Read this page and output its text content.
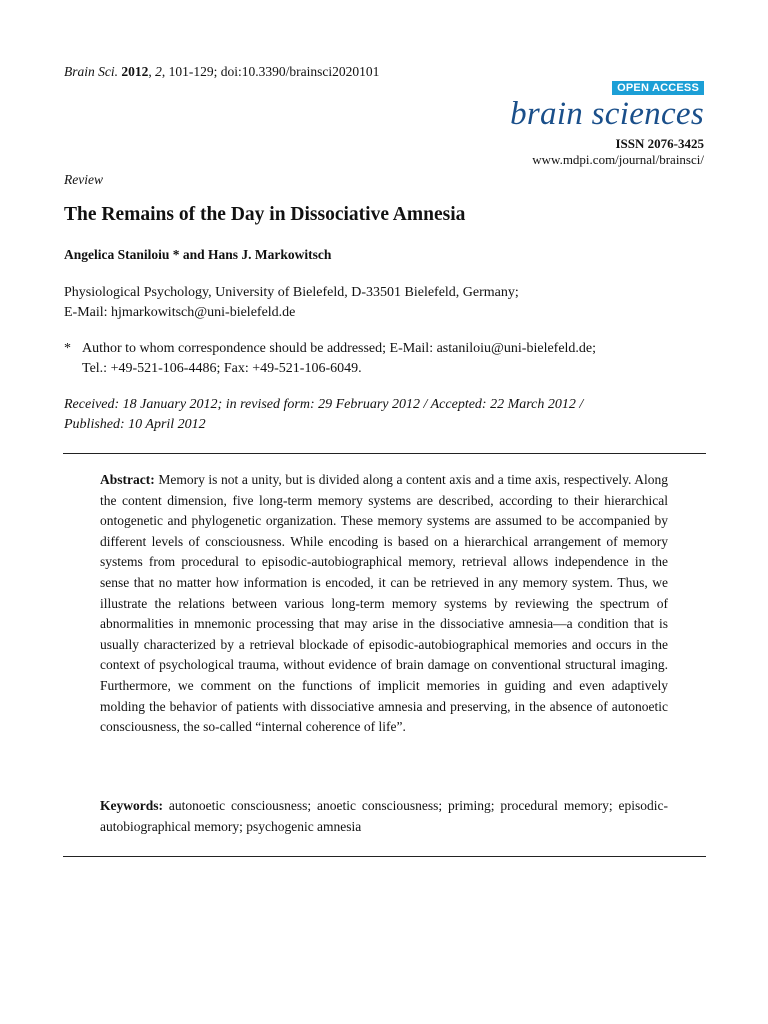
Brain Sci. 2012, 2, 101-129; doi:10.3390/brainsci2020101
OPEN ACCESS
brain sciences
ISSN 2076-3425
www.mdpi.com/journal/brainsci/
Review
The Remains of the Day in Dissociative Amnesia
Angelica Staniloiu * and Hans J. Markowitsch
Physiological Psychology, University of Bielefeld, D-33501 Bielefeld, Germany;
E-Mail: hjmarkowitsch@uni-bielefeld.de
* Author to whom correspondence should be addressed; E-Mail: astaniloiu@uni-bielefeld.de;
Tel.: +49-521-106-4486; Fax: +49-521-106-6049.
Received: 18 January 2012; in revised form: 29 February 2012 / Accepted: 22 March 2012 /
Published: 10 April 2012
Abstract: Memory is not a unity, but is divided along a content axis and a time axis, respectively. Along the content dimension, five long-term memory systems are described, according to their hierarchical ontogenetic and phylogenetic organization. These memory systems are assumed to be accompanied by different levels of consciousness. While encoding is based on a hierarchical arrangement of memory systems from procedural to episodic-autobiographical memory, retrieval allows independence in the sense that no matter how information is encoded, it can be retrieved in any memory system. Thus, we illustrate the relations between various long-term memory systems by reviewing the spectrum of abnormalities in mnemonic processing that may arise in the dissociative amnesia—a condition that is usually characterized by a retrieval blockade of episodic-autobiographical memories and occurs in the context of psychological trauma, without evidence of brain damage on conventional structural imaging. Furthermore, we comment on the functions of implicit memories in guiding and even adaptively molding the behavior of patients with dissociative amnesia and preserving, in the absence of autonoetic consciousness, the so-called “internal coherence of life”.
Keywords: autonoetic consciousness; anoetic consciousness; priming; procedural memory; episodic-autobiographical memory; psychogenic amnesia
